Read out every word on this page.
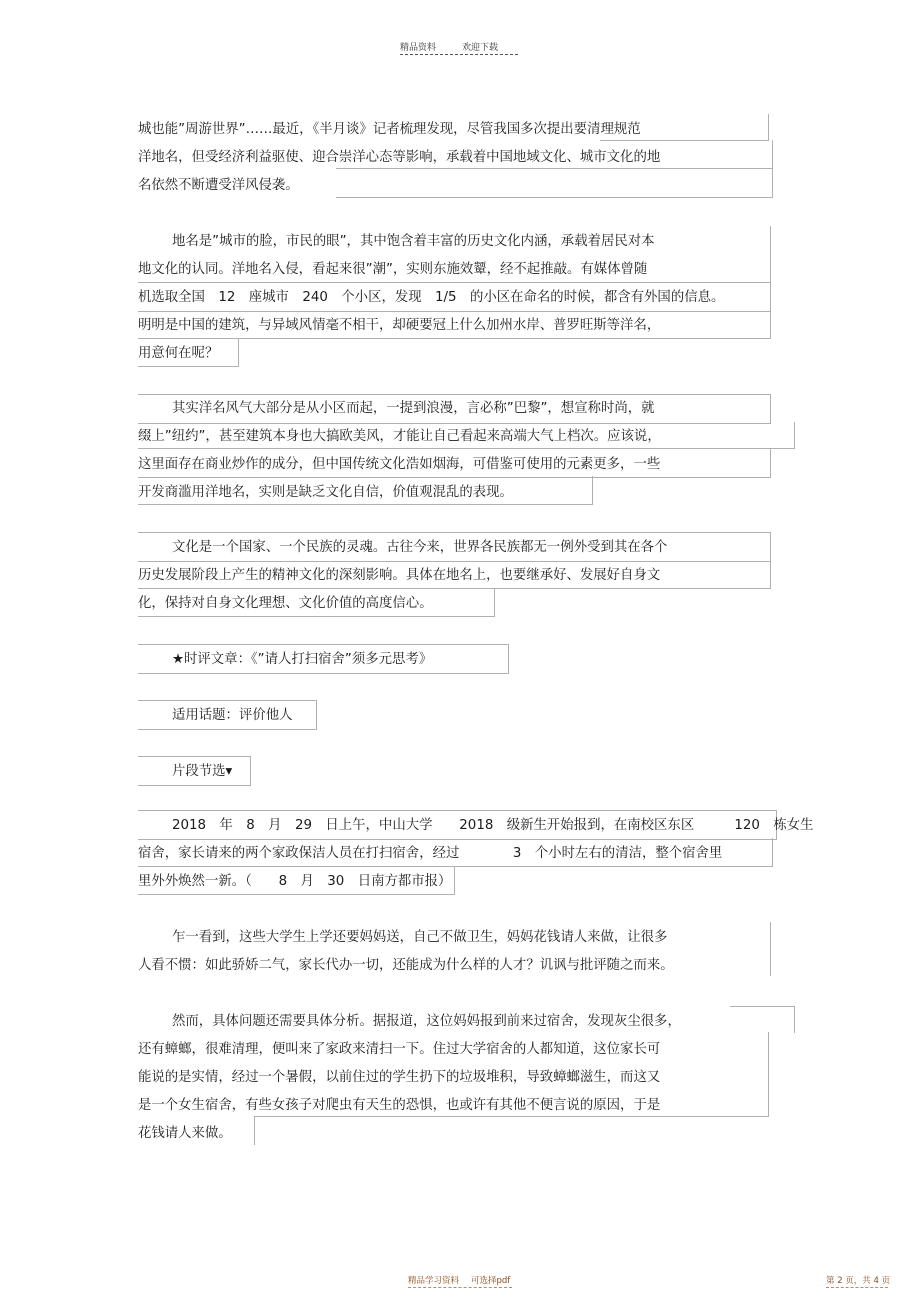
精品资料	欢迎下载
城也能”周游世界”……最近，《半月谈》记者梳理发现，尽管我国多次提出要清理规范
洋地名，但受经济利益驱使、迎合崇洋心态等影响，承载着中国地域文化、城市文化的地
名依然不断遭受洋风侵袭。
地名是”城市的脸，市民的眼”，其中饱含着丰富的历史文化内涵，承载着居民对本
地文化的认同。洋地名入侵，看起来很”潮”，实则东施效颦，经不起推敲。有媒体曾随
机选取全国　12　座城市　240　个小区，发现　1/5　的小区在命名的时候，都含有外国的信息。
明明是中国的建筑，与异域风情毫不相干，却硬要冠上什么加州水岸、普罗旺斯等洋名，
用意何在呢？
其实洋名风气大部分是从小区而起，一提到浪漫，言必称”巴黎”，想宣称时尚，就
缀上”纽约”，甚至建筑本身也大搞欧美风，才能让自己看起来高端大气上档次。应该说，
这里面存在商业炒作的成分，但中国传统文化浩如烟海，可借鉴可使用的元素更多，一些
开发商滥用洋地名，实则是缺乏文化自信，价值观混乱的表现。
文化是一个国家、一个民族的灵魂。古往今来，世界各民族都无一例外受到其在各个
历史发展阶段上产生的精神文化的深刻影响。具体在地名上，也要继承好、发展好自身文
化，保持对自身文化理想、文化价值的高度信心。
★时评文章：《”请人打扫宿舍”须多元思考》
适用话题：评价他人
片段节选▾
2018　年　8　月　29　日上午，中山大学　　2018　级新生开始报到，在南校区东区　　　120　栋女生
宿舍，家长请来的两个家政保洁人员在打扫宿舍，经过　　　　3　个小时左右的清洁，整个宿舍里
里外外焕然一新。（　　8　月　30　日南方都市报）
乍一看到，这些大学生上学还要妈妈送，自己不做卫生，妈妈花钱请人来做，让很多
人看不惯：如此骄娇二气，家长代办一切，还能成为什么样的人才？讥讽与批评随之而来。
然而，具体问题还需要具体分析。据报道，这位妈妈报到前来过宿舍，发现灰尘很多，
还有蟑螂，很难清理，便叫来了家政来清扫一下。住过大学宿舍的人都知道，这位家长可
能说的是实情，经过一个暑假，以前住过的学生扔下的垃圾堆积，导致蟑螂滋生，而这又
是一个女生宿舍，有些女孩子对爬虫有天生的恐惧，也或许有其他不便言说的原因，于是
花钱请人来做。
精品学习资料 可选择pdf	第 2 页，共 4 页
